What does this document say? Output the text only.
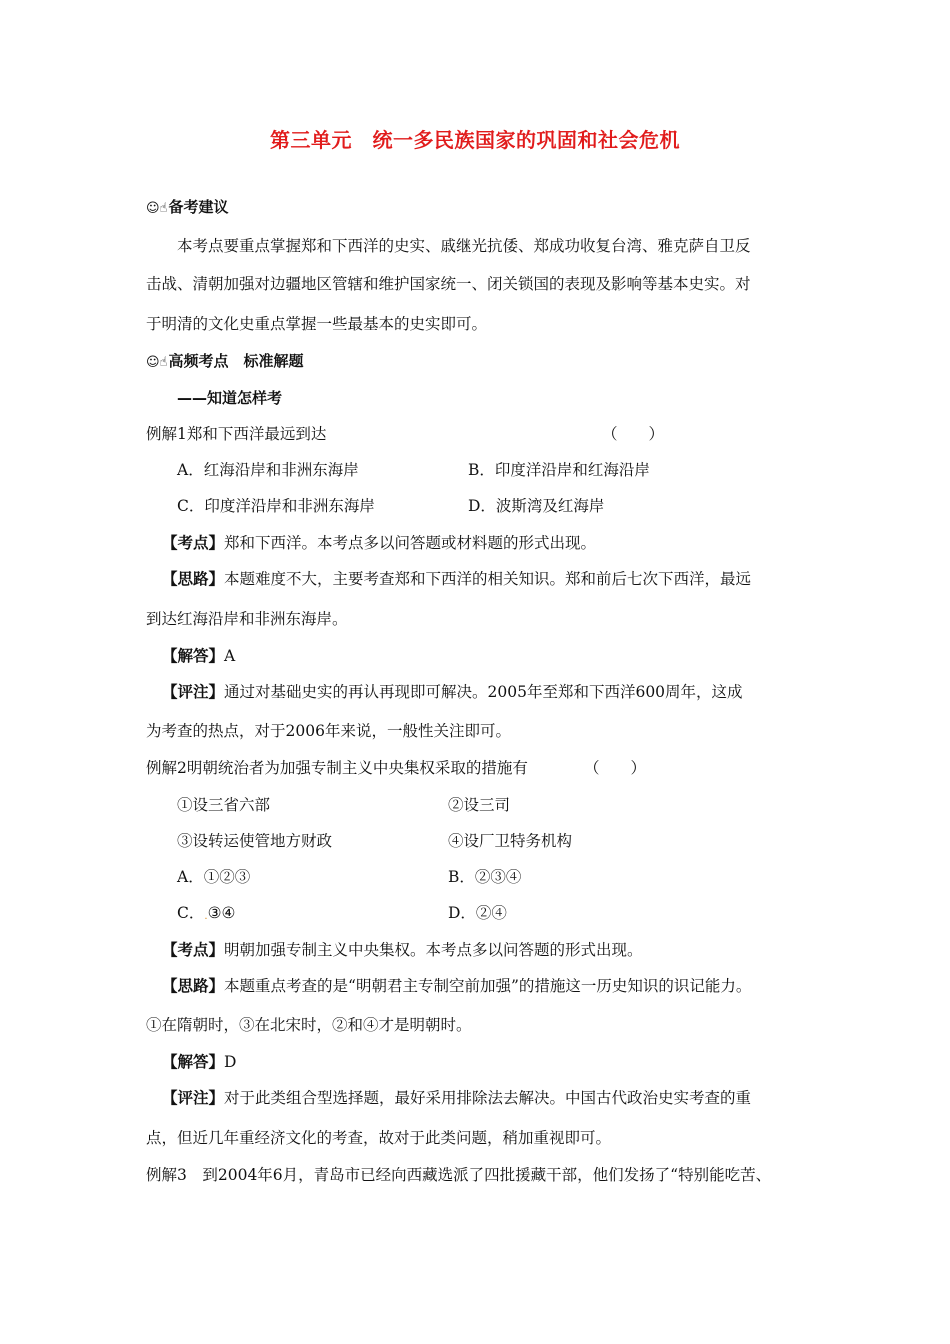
第三单元　统一多民族国家的巩固和社会危机
☺☝备考建议
本考点要重点掌握郑和下西洋的史实、戚继光抗倭、郑成功收复台湾、雅克萨自卫反
击战、清朝加强对边疆地区管辖和维护国家统一、闭关锁国的表现及影响等基本史实。对
于明清的文化史重点掌握一些最基本的史实即可。
☺☝高频考点　标准解题
——知道怎样考
例解1郑和下西洋最远到达	（　　）
A．红海沿岸和非洲东海岸	B．印度洋沿岸和红海沿岸
C．印度洋沿岸和非洲东海岸	D．波斯湾及红海岸
【考点】郑和下西洋。本考点多以问答题或材料题的形式出现。
【思路】本题难度不大，主要考查郑和下西洋的相关知识。郑和前后七次下西洋，最远
到达红海沿岸和非洲东海岸。
【解答】A
【评注】通过对基础史实的再认再现即可解决。2005年至郑和下西洋600周年，这成
为考查的热点，对于2006年来说，一般性关注即可。
例解2明朝统治者为加强专制主义中央集权采取的措施有	（　　）
①设三省六部	②设三司
③设转运使管地方财政	④设厂卫特务机构
A．①②③	B．②③④
C．.③④	D．②④
【考点】明朝加强专制主义中央集权。本考点多以问答题的形式出现。
【思路】本题重点考查的是“明朝君主专制空前加强”的措施这一历史知识的识记能力。
①在隋朝时，③在北宋时，②和④才是明朝时。
【解答】D
【评注】对于此类组合型选择题，最好采用排除法去解决。中国古代政治史实考查的重
点，但近几年重经济文化的考查，故对于此类问题，稍加重视即可。
例解3　到2004年6月，青岛市已经向西藏选派了四批援藏干部，他们发扬了“特别能吃苦、
